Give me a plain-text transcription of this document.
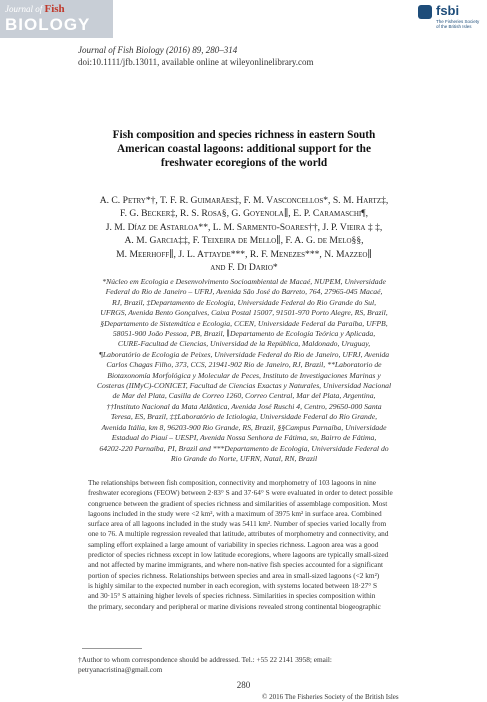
Journal of Fish
BIOLOGY
fsbi
The Fisheries Society of the British Isles
Journal of Fish Biology (2016) 89, 280–314
doi:10.1111/jfb.13011, available online at wileyonlinelibrary.com
Fish composition and species richness in eastern South
American coastal lagoons: additional support for the
freshwater ecoregions of the world
A. C. Petry*†, T. F. R. Guimarães‡, F. M. Vasconcellos*, S. M. Hartz‡,
F. G. Becker‡, R. S. Rosa§, G. Goyenola∥, E. P. Caramaschi¶,
J. M. Díaz de Astarloa**, L. M. Sarmento-Soares††, J. P. Vieira ‡ ‡,
A. M. Garcia‡‡, F. Teixeira de Mello∥, F. A. G. de Melo§§,
M. Meerhoff∥, J. L. Attayde***, R. F. Menezes***, N. Mazzeo∥
and F. Di Dario*
*Núcleo em Ecologia e Desenvolvimento Socioambiental de Macaé, NUPEM, Universidade
Federal do Rio de Janeiro – UFRJ, Avenida São José do Barreto, 764, 27965-045 Macaé,
RJ, Brazil, ‡Departamento de Ecologia, Universidade Federal do Rio Grande do Sul,
UFRGS, Avenida Bento Gonçalves, Caixa Postal 15007, 91501-970 Porto Alegre, RS, Brazil,
§Departamento de Sistemática e Ecologia, CCEN, Universidade Federal da Paraíba, UFPB,
58051-900 João Pessoa, PB, Brazil, ∥Departamento de Ecología Teórica y Aplicada,
CURE-Facultad de Ciencias, Universidad de la República, Maldonado, Uruguay,
¶Laboratório de Ecologia de Peixes, Universidade Federal do Rio de Janeiro, UFRJ, Avenida
Carlos Chagas Filho, 373, CCS, 21941-902 Rio de Janeiro, RJ, Brazil, **Laboratorio de
Biotaxonomía Morfológica y Molecular de Peces, Instituto de Investigaciones Marinas y
Costeras (IIMyC)-CONICET, Facultad de Ciencias Exactas y Naturales, Universidad Nacional
de Mar del Plata, Casilla de Correo 1260, Correo Central, Mar del Plata, Argentina,
††Instituto Nacional da Mata Atlântica, Avenida José Ruschi 4, Centro, 29650-000 Santa
Teresa, ES, Brazil, ‡‡Laboratório de Ictiologia, Universidade Federal do Rio Grande,
Avenida Itália, km 8, 96203-900 Rio Grande, RS, Brazil, §§Campus Parnaíba, Universidade
Estadual do Piauí – UESPI, Avenida Nossa Senhora de Fátima, sn, Bairro de Fátima,
64202-220 Parnaíba, PI, Brazil and ***Departamento de Ecologia, Universidade Federal do
Rio Grande do Norte, UFRN, Natal, RN, Brazil
The relationships between fish composition, connectivity and morphometry of 103 lagoons in nine
freshwater ecoregions (FEOW) between 2·83° S and 37·64° S were evaluated in order to detect possible
congruence between the gradient of species richness and similarities of assemblage composition. Most
lagoons included in the study were <2 km², with a maximum of 3975 km² in surface area. Combined
surface area of all lagoons included in the study was 5411 km². Number of species varied locally from
one to 76. A multiple regression revealed that latitude, attributes of morphometry and connectivity, and
sampling effort explained a large amount of variability in species richness. Lagoon area was a good
predictor of species richness except in low latitude ecoregions, where lagoons are typically small-sized
and not affected by marine immigrants, and where non-native fish species accounted for a significant
portion of species richness. Relationships between species and area in small-sized lagoons (<2 km²)
is highly similar to the expected number in each ecoregion, with systems located between 18·27° S
and 30·15° S attaining higher levels of species richness. Similarities in species composition within
the primary, secondary and peripheral or marine divisions revealed strong continental biogeographic
†Author to whom correspondence should be addressed. Tel.: +55 22 2141 3958; email:
petryanacristina@gmail.com
280
© 2016 The Fisheries Society of the British Isles
